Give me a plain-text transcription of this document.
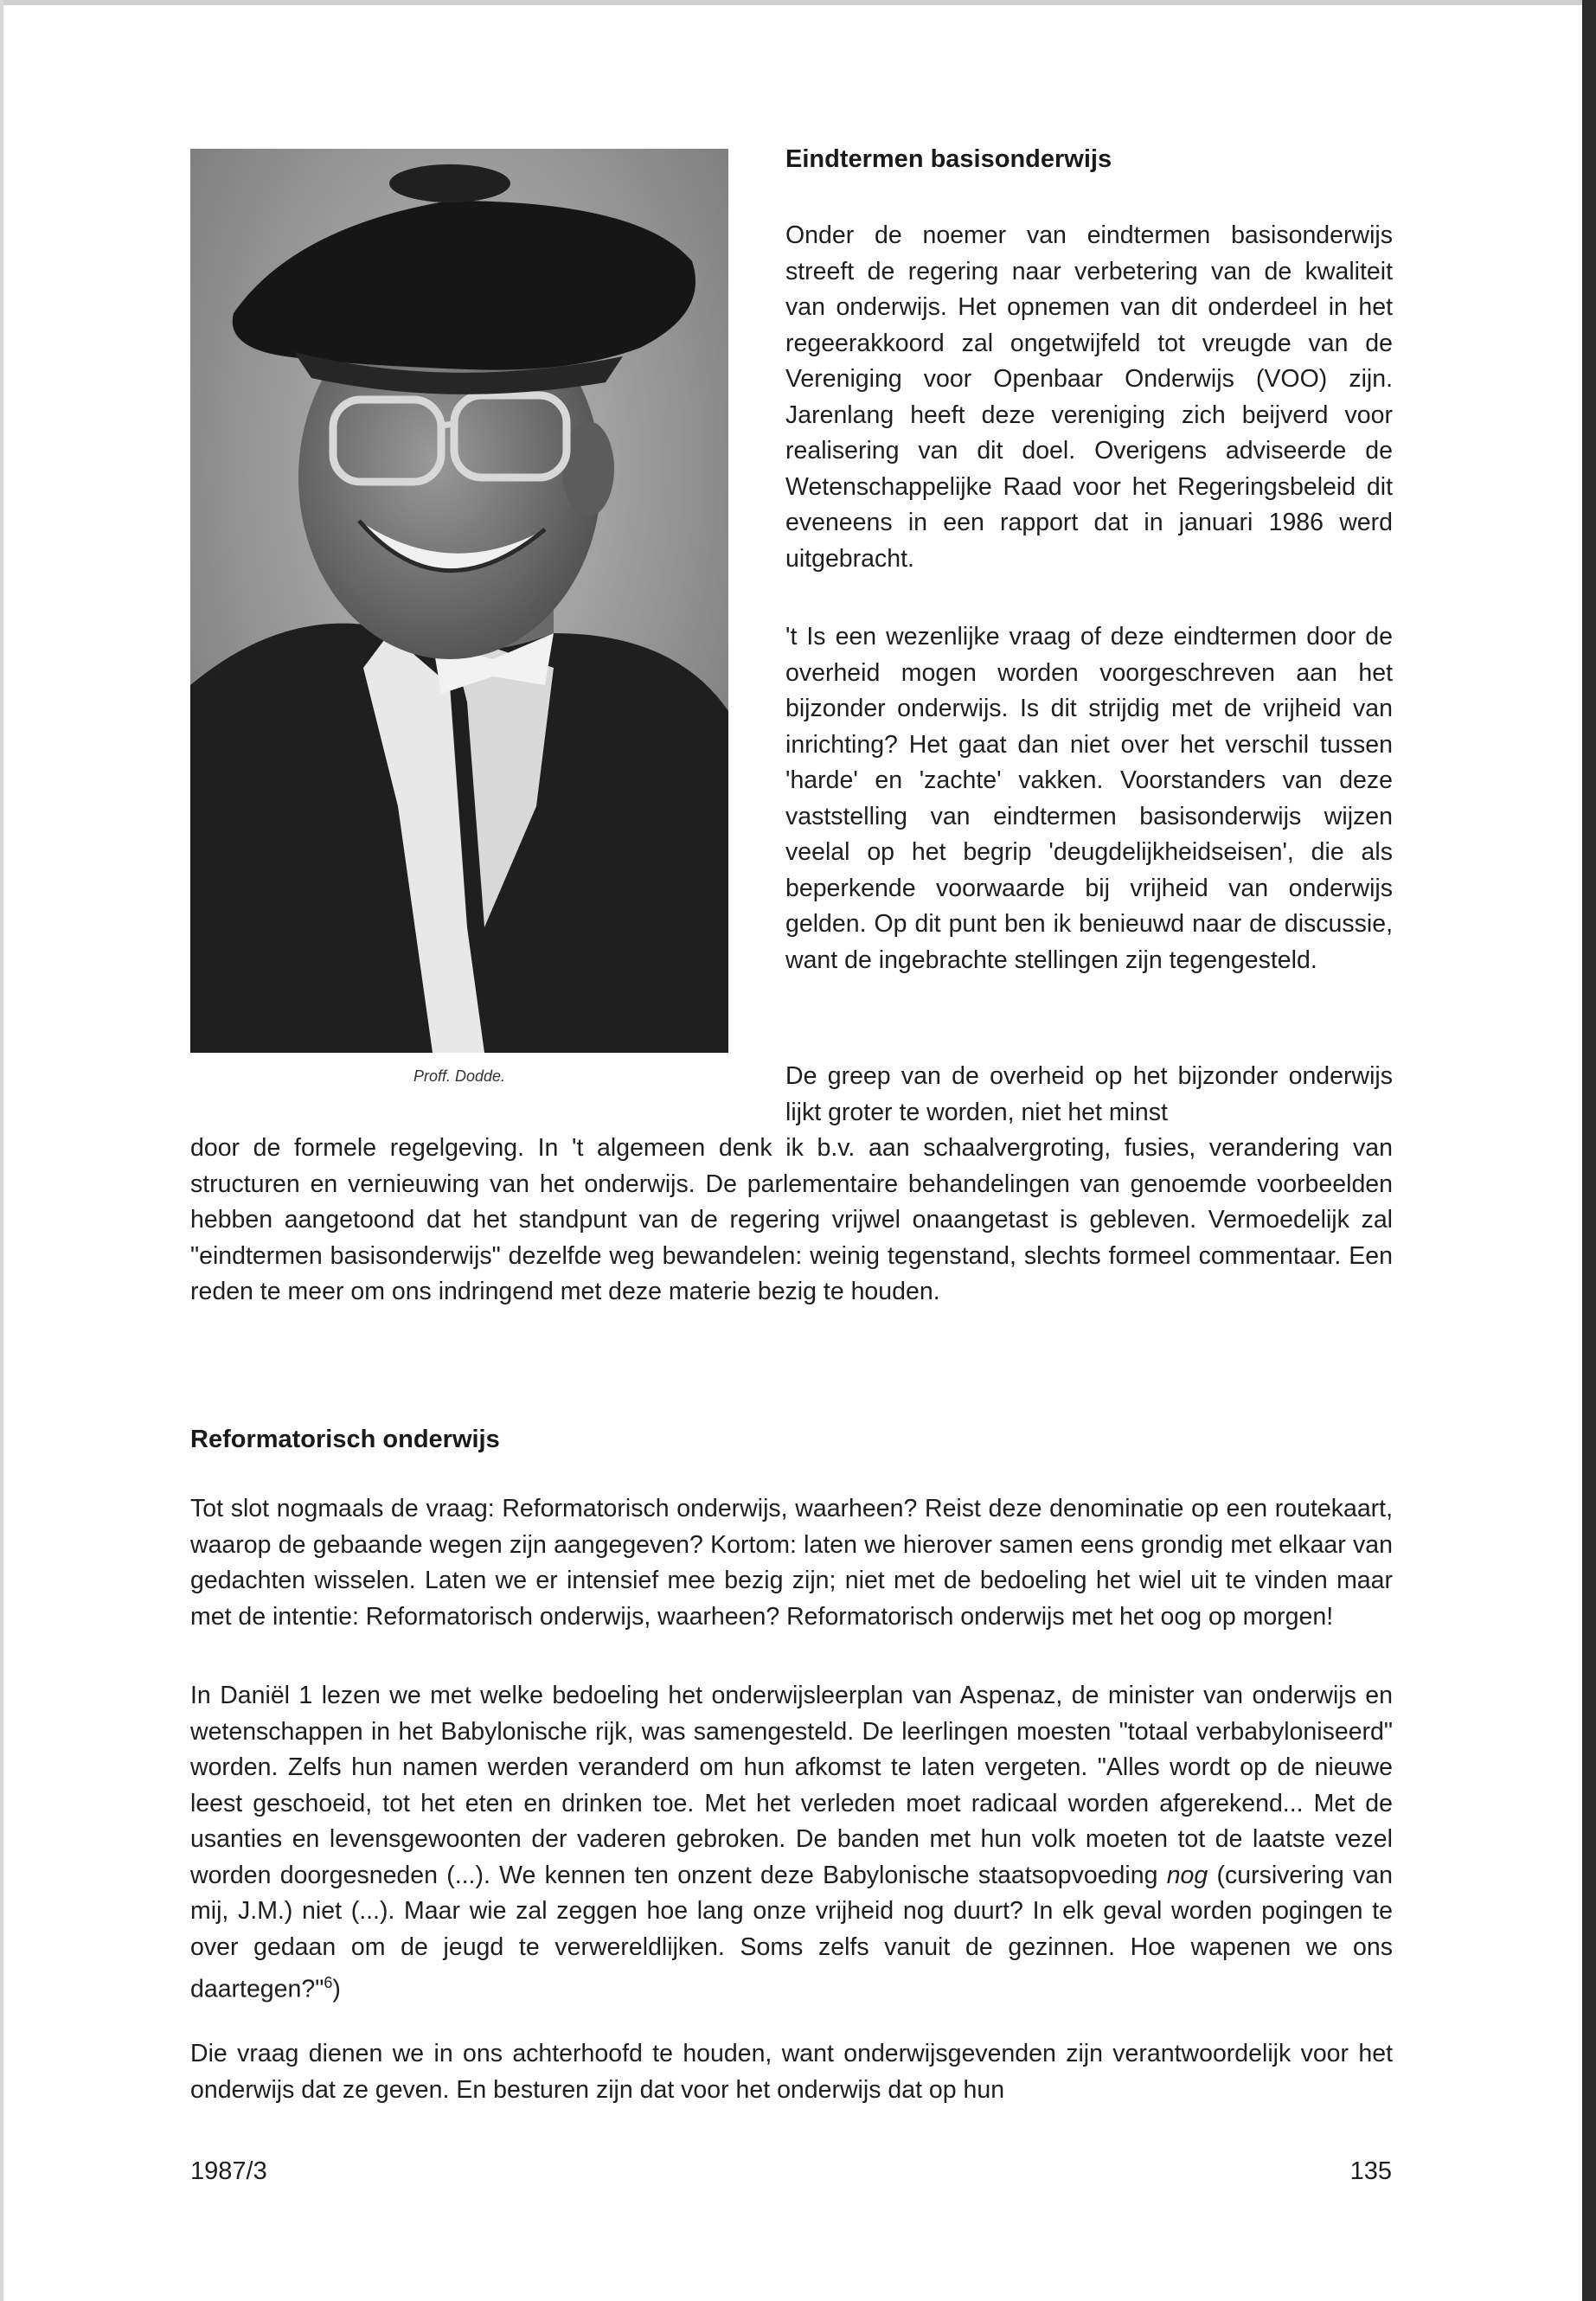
Proff. Dodde.
Eindtermen basisonderwijs

Onder de noemer van eindtermen basisonderwijs streeft de regering naar verbetering van de kwaliteit van onderwijs. Het opnemen van dit onderdeel in het regeerakkoord zal ongetwijfeld tot vreugde van de Vereniging voor Openbaar Onderwijs (VOO) zijn. Jarenlang heeft deze vereniging zich beijverd voor realisering van dit doel. Overigens adviseerde de Wetenschappelijke Raad voor het Regeringsbeleid dit eveneens in een rapport dat in januari 1986 werd uitgebracht.

't Is een wezenlijke vraag of deze eindtermen door de overheid mogen worden voorgeschreven aan het bijzonder onderwijs. Is dit strijdig met de vrijheid van inrichting? Het gaat dan niet over het verschil tussen 'harde' en 'zachte' vakken. Voorstanders van deze vaststelling van eindtermen basisonderwijs wijzen veelal op het begrip 'deugdelijkheidseisen', die als beperkende voorwaarde bij vrijheid van onderwijs gelden. Op dit punt ben ik benieuwd naar de discussie, want de ingebrachte stellingen zijn tegengesteld.

De greep van de overheid op het bijzonder onderwijs lijkt groter te worden, niet het minst

door de formele regelgeving. In 't algemeen denk ik b.v. aan schaalvergroting, fusies, verandering van structuren en vernieuwing van het onderwijs. De parlementaire behandelingen van genoemde voorbeelden hebben aangetoond dat het standpunt van de regering vrijwel onaangetast is gebleven. Vermoedelijk zal "eindtermen basisonderwijs" dezelfde weg bewandelen: weinig tegenstand, slechts formeel commentaar. Een reden te meer om ons indringend met deze materie bezig te houden.

Reformatorisch onderwijs

Tot slot nogmaals de vraag: Reformatorisch onderwijs, waarheen? Reist deze denominatie op een routekaart, waarop de gebaande wegen zijn aangegeven? Kortom: laten we hierover samen eens grondig met elkaar van gedachten wisselen. Laten we er intensief mee bezig zijn; niet met de bedoeling het wiel uit te vinden maar met de intentie: Reformatorisch onderwijs, waarheen? Reformatorisch onderwijs met het oog op morgen!

In Daniël 1 lezen we met welke bedoeling het onderwijsleerplan van Aspenaz, de minister van onderwijs en wetenschappen in het Babylonische rijk, was samengesteld. De leerlingen moesten "totaal verbabyloniseerd" worden. Zelfs hun namen werden veranderd om hun afkomst te laten vergeten. "Alles wordt op de nieuwe leest geschoeid, tot het eten en drinken toe. Met het verleden moet radicaal worden afgerekend... Met de usanties en levensgewoonten der vaderen gebroken. De banden met hun volk moeten tot de laatste vezel worden doorgesneden (...). We kennen ten onzent deze Babylonische staatsopvoeding nog (cursivering van mij, J.M.) niet (...). Maar wie zal zeggen hoe lang onze vrijheid nog duurt? In elk geval worden pogingen te over gedaan om de jeugd te verwereldlijken. Soms zelfs vanuit de gezinnen. Hoe wapenen we ons daartegen?"$^6$)

Die vraag dienen we in ons achterhoofd te houden, want onderwijsgevenden zijn verantwoordelijk voor het onderwijs dat ze geven. En besturen zijn dat voor het onderwijs dat op hun

1987/3	135
